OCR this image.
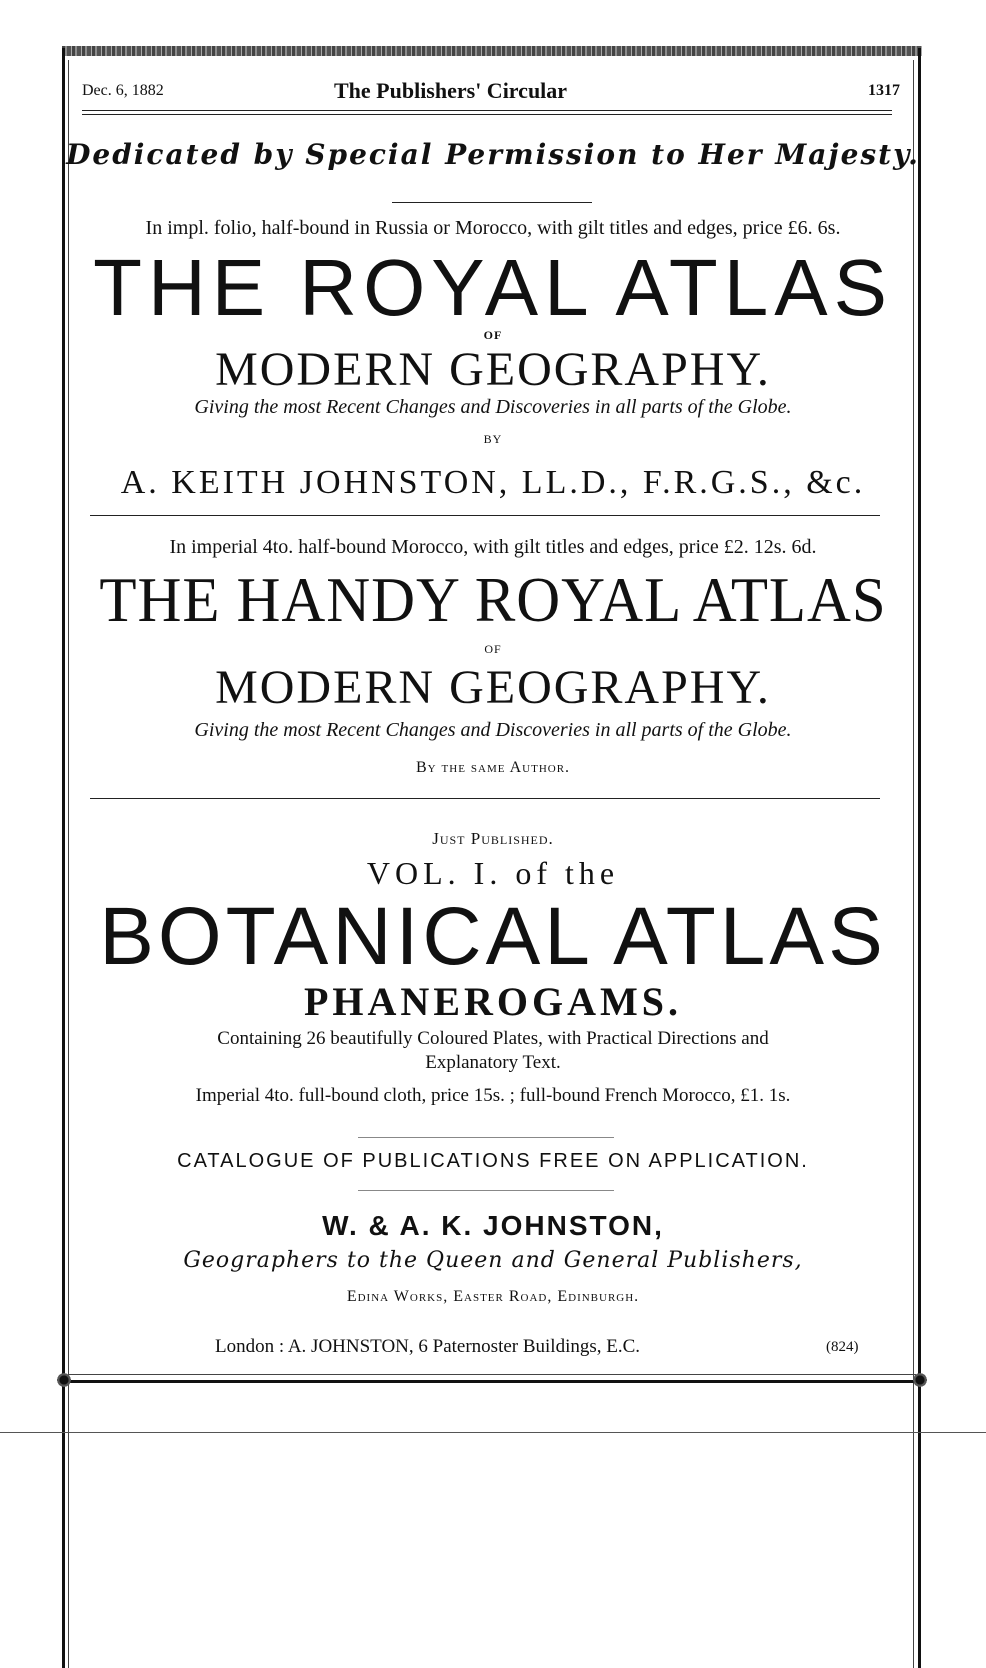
Dec. 6, 1882	The Publishers' Circular	1317
Dedicated by Special Permission to Her Majesty.
In impl. folio, half-bound in Russia or Morocco, with gilt titles and edges, price £6. 6s.
THE ROYAL ATLAS
OF
MODERN GEOGRAPHY.
Giving the most Recent Changes and Discoveries in all parts of the Globe.
BY
A. KEITH JOHNSTON, LL.D., F.R.G.S., &c.
In imperial 4to. half-bound Morocco, with gilt titles and edges, price £2. 12s. 6d.
THE HANDY ROYAL ATLAS
OF
MODERN GEOGRAPHY.
Giving the most Recent Changes and Discoveries in all parts of the Globe.
By the same Author.
Just Published.
VOL. I. of the
BOTANICAL ATLAS
PHANEROGAMS.
Containing 26 beautifully Coloured Plates, with Practical Directions and
Explanatory Text.
Imperial 4to. full-bound cloth, price 15s. ; full-bound French Morocco, £1. 1s.
CATALOGUE OF PUBLICATIONS FREE ON APPLICATION.
W. & A. K. JOHNSTON,
Geographers to the Queen and General Publishers,
Edina Works, Easter Road, Edinburgh.
London : A. JOHNSTON, 6 Paternoster Buildings, E.C.	(824)
